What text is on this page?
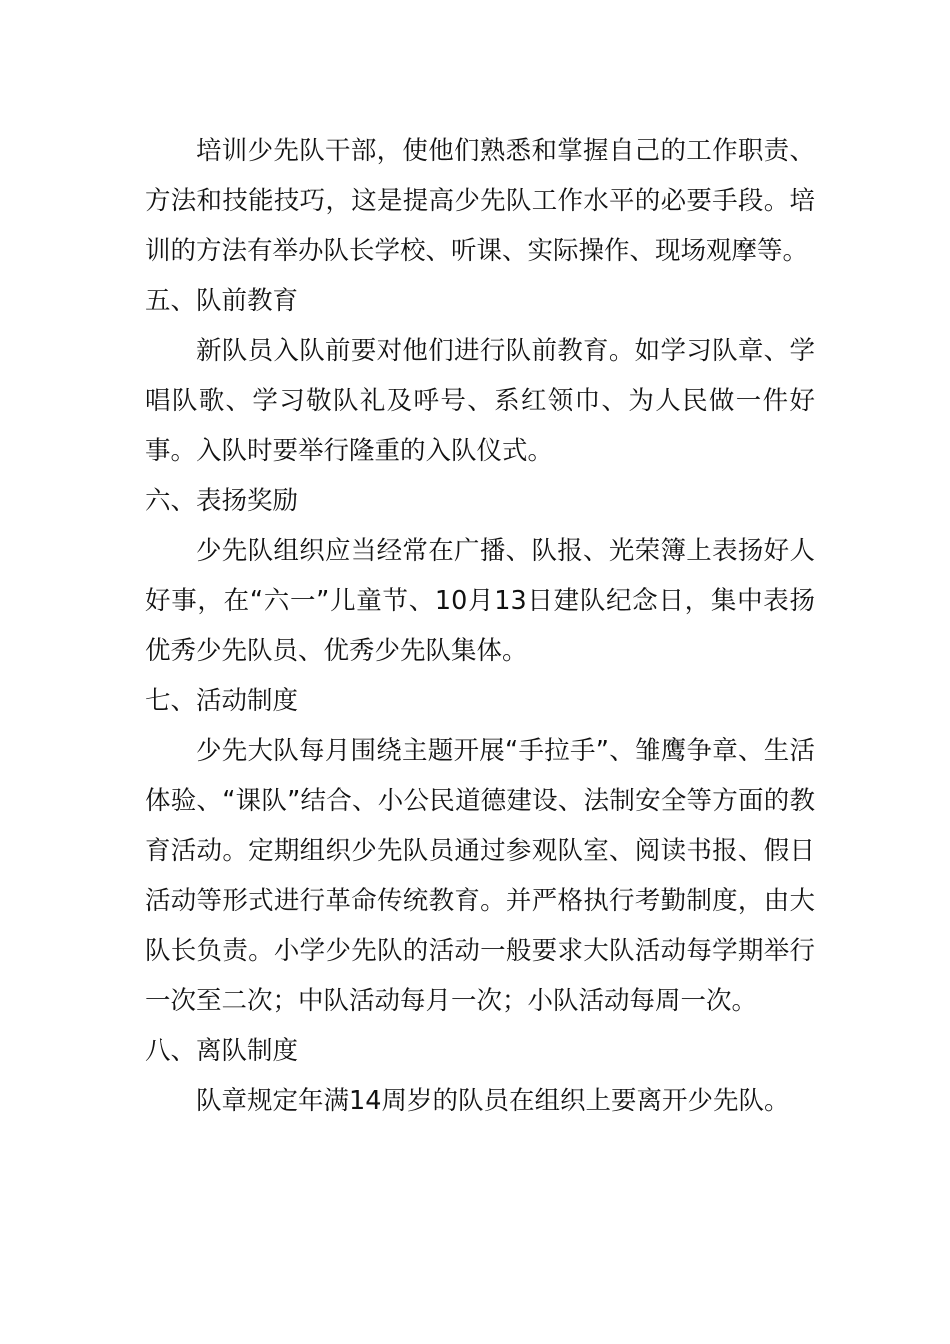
培训少先队干部，使他们熟悉和掌握自己的工作职责、方法和技能技巧，这是提高少先队工作水平的必要手段。培训的方法有举办队长学校、听课、实际操作、现场观摩等。

五、队前教育

新队员入队前要对他们进行队前教育。如学习队章、学唱队歌、学习敬队礼及呼号、系红领巾、为人民做一件好事。入队时要举行隆重的入队仪式。

六、表扬奖励

少先队组织应当经常在广播、队报、光荣簿上表扬好人好事，在“六一”儿童节、10月13日建队纪念日，集中表扬优秀少先队员、优秀少先队集体。

七、活动制度

少先大队每月围绕主题开展“手拉手”、雏鹰争章、生活体验、“课队”结合、小公民道德建设、法制安全等方面的教育活动。定期组织少先队员通过参观队室、阅读书报、假日活动等形式进行革命传统教育。并严格执行考勤制度，由大队长负责。小学少先队的活动一般要求大队活动每学期举行一次至二次；中队活动每月一次；小队活动每周一次。

八、离队制度

队章规定年满14周岁的队员在组织上要离开少先队。
